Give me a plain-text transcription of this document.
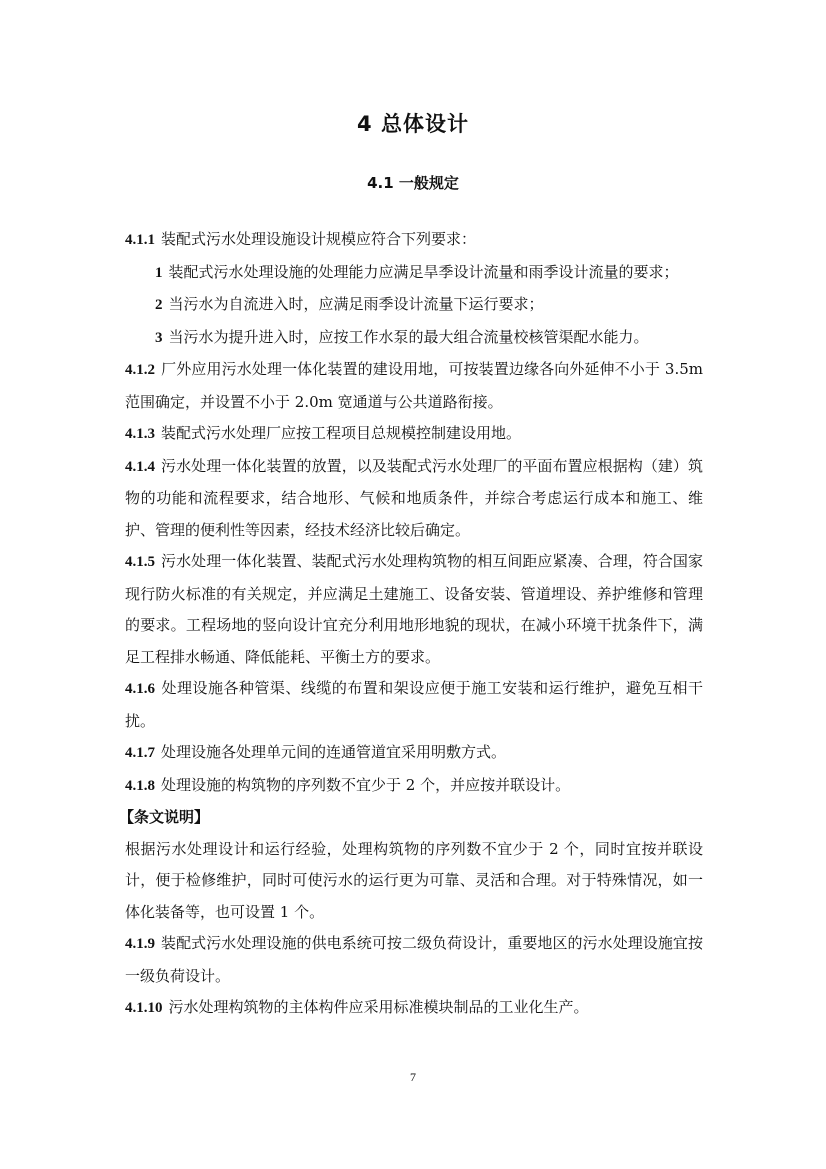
4 总体设计
4.1 一般规定

4.1.1 装配式污水处理设施设计规模应符合下列要求：

1 装配式污水处理设施的处理能力应满足旱季设计流量和雨季设计流量的要求；

2 当污水为自流进入时，应满足雨季设计流量下运行要求；

3 当污水为提升进入时，应按工作水泵的最大组合流量校核管渠配水能力。

4.1.2 厂外应用污水处理一体化装置的建设用地，可按装置边缘各向外延伸不小于 3.5m 范围确定，并设置不小于 2.0m 宽通道与公共道路衔接。

4.1.3 装配式污水处理厂应按工程项目总规模控制建设用地。

4.1.4 污水处理一体化装置的放置，以及装配式污水处理厂的平面布置应根据构（建）筑物的功能和流程要求，结合地形、气候和地质条件，并综合考虑运行成本和施工、维护、管理的便利性等因素，经技术经济比较后确定。

4.1.5 污水处理一体化装置、装配式污水处理构筑物的相互间距应紧凑、合理，符合国家现行防火标准的有关规定，并应满足土建施工、设备安装、管道埋设、养护维修和管理的要求。工程场地的竖向设计宜充分利用地形地貌的现状，在减小环境干扰条件下，满足工程排水畅通、降低能耗、平衡土方的要求。

4.1.6 处理设施各种管渠、线缆的布置和架设应便于施工安装和运行维护，避免互相干扰。

4.1.7 处理设施各处理单元间的连通管道宜采用明敷方式。

4.1.8 处理设施的构筑物的序列数不宜少于 2 个，并应按并联设计。

【条文说明】

根据污水处理设计和运行经验，处理构筑物的序列数不宜少于 2 个，同时宜按并联设计，便于检修维护，同时可使污水的运行更为可靠、灵活和合理。对于特殊情况，如一体化装备等，也可设置 1 个。

4.1.9 装配式污水处理设施的供电系统可按二级负荷设计，重要地区的污水处理设施宜按一级负荷设计。

4.1.10 污水处理构筑物的主体构件应采用标准模块制品的工业化生产。

7
